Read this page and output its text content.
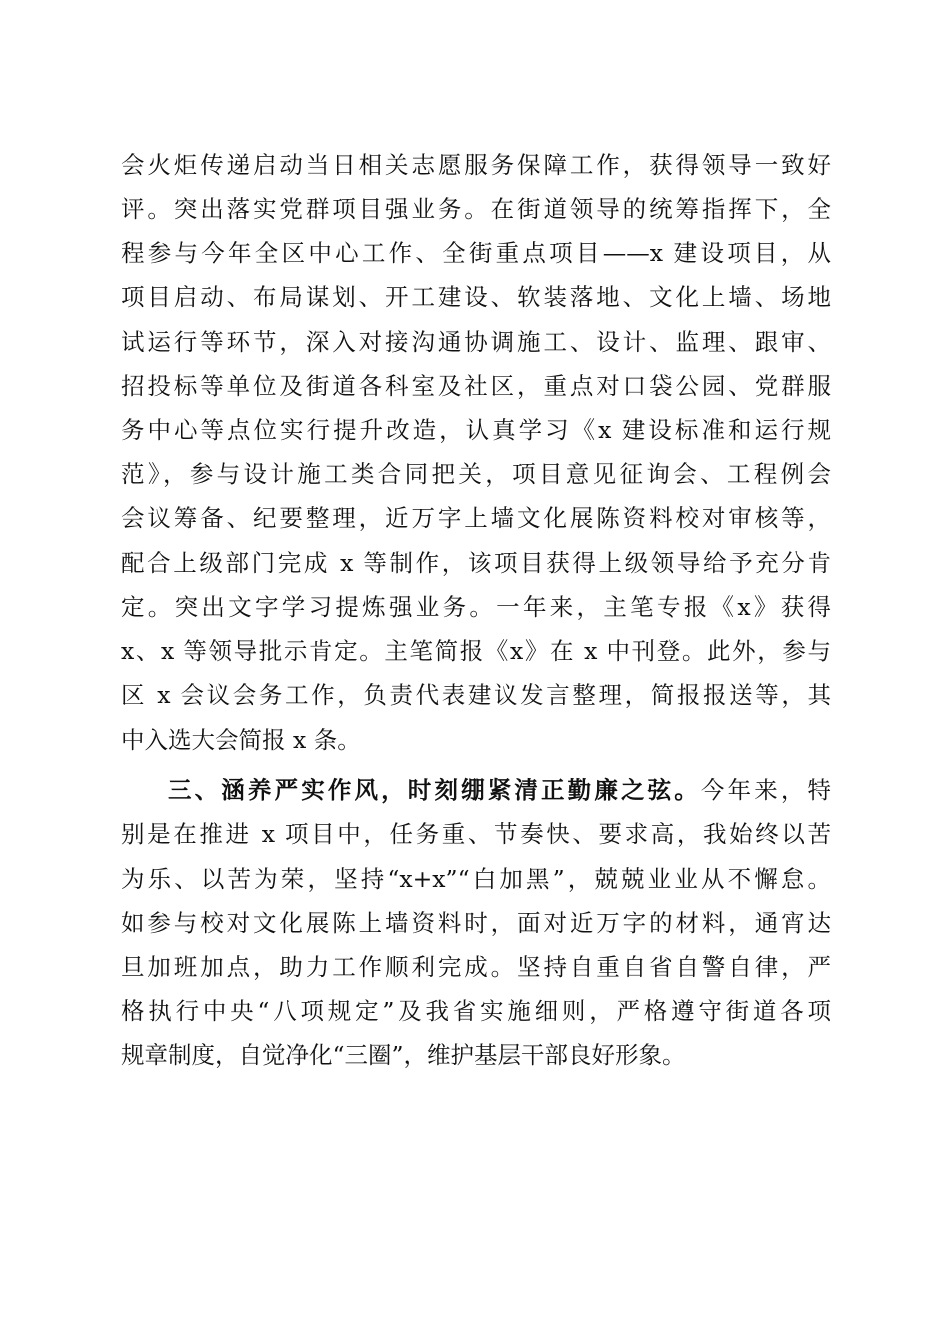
会火炬传递启动当日相关志愿服务保障工作，获得领导一致好
评。突出落实党群项目强业务。在街道领导的统筹指挥下，全
程参与今年全区中心工作、全街重点项目——x 建设项目，从
项目启动、布局谋划、开工建设、软装落地、文化上墙、场地
试运行等环节，深入对接沟通协调施工、设计、监理、跟审、
招投标等单位及街道各科室及社区，重点对口袋公园、党群服
务中心等点位实行提升改造，认真学习《x 建设标准和运行规
范》，参与设计施工类合同把关，项目意见征询会、工程例会
会议筹备、纪要整理，近万字上墙文化展陈资料校对审核等，
配合上级部门完成 x 等制作，该项目获得上级领导给予充分肯
定。突出文字学习提炼强业务。一年来，主笔专报《x》获得
x、x 等领导批示肯定。主笔简报《x》在 x 中刊登。此外，参与
区 x 会议会务工作，负责代表建议发言整理，简报报送等，其
中入选大会简报 x 条。
三、涵养严实作风，时刻绷紧清正勤廉之弦。今年来，特
别是在推进 x 项目中，任务重、节奏快、要求高，我始终以苦
为乐、以苦为荣，坚持“x+x”“白加黑”，兢兢业业从不懈怠。
如参与校对文化展陈上墙资料时，面对近万字的材料，通宵达
旦加班加点，助力工作顺利完成。坚持自重自省自警自律，严
格执行中央“八项规定”及我省实施细则，严格遵守街道各项
规章制度，自觉净化“三圈”，维护基层干部良好形象。
